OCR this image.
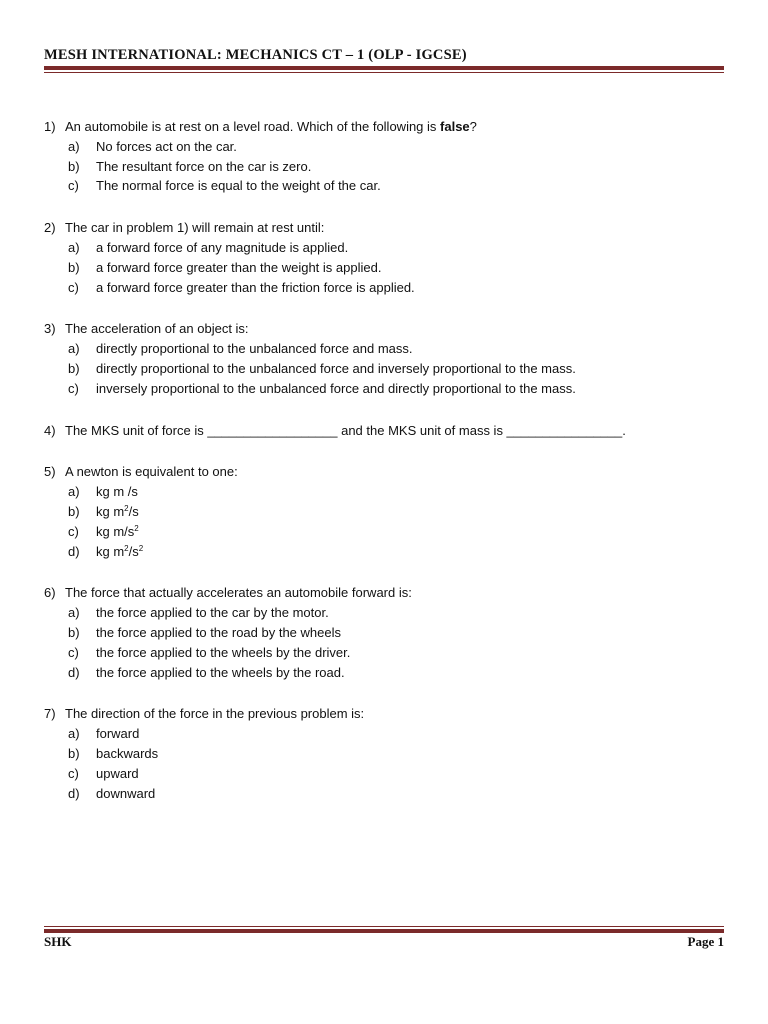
MESH INTERNATIONAL: MECHANICS CT – 1 (OLP - IGCSE)
1) An automobile is at rest on a level road. Which of the following is false?
a) No forces act on the car.
b) The resultant force on the car is zero.
c) The normal force is equal to the weight of the car.
2) The car in problem 1) will remain at rest until:
a) a forward force of any magnitude is applied.
b) a forward force greater than the weight is applied.
c) a forward force greater than the friction force is applied.
3) The acceleration of an object is:
a) directly proportional to the unbalanced force and mass.
b) directly proportional to the unbalanced force and inversely proportional to the mass.
c) inversely proportional to the unbalanced force and directly proportional to the mass.
4) The MKS unit of force is __________________ and the MKS unit of mass is ________________.
5) A newton is equivalent to one:
a) kg m /s
b) kg $m^2/s$
c) kg $m/s^2$
d) kg $m^2/s^2$
6) The force that actually accelerates an automobile forward is:
a) the force applied to the car by the motor.
b) the force applied to the road by the wheels
c) the force applied to the wheels by the driver.
d) the force applied to the wheels by the road.
7) The direction of the force in the previous problem is:
a) forward
b) backwards
c) upward
d) downward
SHK	Page 1
